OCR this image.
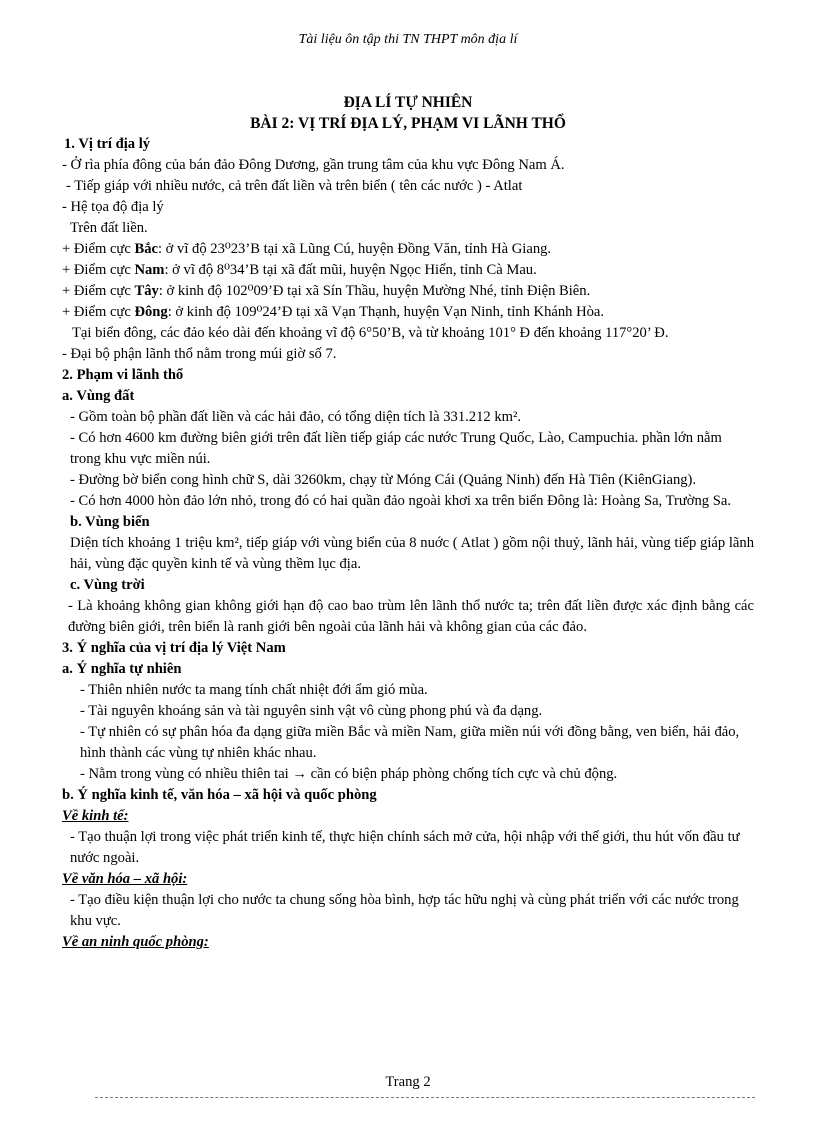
Tài liệu ôn tập thi TN THPT môn địa lí
ĐỊA LÍ TỰ NHIÊN
BÀI 2: VỊ TRÍ ĐỊA LÝ, PHẠM VI LÃNH THỔ

1. Vị trí địa lý

- Ở rìa phía đông của bán đảo Đông Dương, gần trung tâm của khu vực Đông Nam Á.

- Tiếp giáp với nhiều nước, cả trên đất liền và trên biển ( tên các nước ) - Atlat

- Hệ tọa độ địa lý

Trên đất liền.

+ Điểm cực Bắc: ở vĩ độ 23⁰23’B tại xã Lũng Cú, huyện Đồng Văn, tỉnh Hà Giang.

+ Điểm cực Nam: ở vĩ độ 8⁰34’B tại xã đất mũi, huyện Ngọc Hiển, tỉnh Cà Mau.

+ Điểm cực Tây: ở kinh độ 102⁰09’Đ tại xã Sín Thầu, huyện Mường Nhé, tỉnh Điện Biên.

+ Điểm cực Đông: ở kinh độ 109⁰24’Đ tại xã Vạn Thạnh, huyện Vạn Ninh, tỉnh Khánh Hòa.

Tại biển đông, các đảo kéo dài đến khoảng vĩ độ 6°50’B, và từ khoảng 101° Đ đến khoảng 117°20’ Đ.

- Đại bộ phận lãnh thổ nằm trong múi giờ số 7.

2. Phạm vi lãnh thổ

a. Vùng đất

- Gồm toàn bộ phần đất liền và các hải đảo, có tổng diện tích là 331.212 km².

- Có hơn 4600 km đường biên giới trên đất liền tiếp giáp các nước Trung Quốc, Lào, Campuchia. phần lớn nằm trong khu vực miền núi.

- Đường bờ biển cong hình chữ S, dài 3260km, chạy từ Móng Cái (Quảng Ninh) đến Hà Tiên (KiênGiang).

- Có hơn 4000 hòn đảo lớn nhỏ, trong đó có hai quần đảo ngoài khơi xa trên biển Đông là: Hoàng Sa, Trường Sa.

b. Vùng biển

Diện tích khoảng 1 triệu km², tiếp giáp với vùng biển của 8 nuớc ( Atlat ) gồm nội thuỷ, lãnh hải, vùng tiếp giáp lãnh hải, vùng đặc quyền kinh tế và vùng thềm lục địa.

c. Vùng trời

- Là khoảng không gian không giới hạn độ cao bao trùm lên lãnh thổ nước ta; trên đất liền được xác định bằng các đường biên giới, trên biển là ranh giới bên ngoài của lãnh hải và không gian của các đảo.

3. Ý nghĩa của vị trí địa lý Việt Nam

a. Ý nghĩa tự nhiên

- Thiên nhiên nước ta mang tính chất nhiệt đới ẩm gió mùa.

- Tài nguyên khoáng sản và tài nguyên sinh vật vô cùng phong phú và đa dạng.

- Tự nhiên có sự phân hóa đa dạng giữa miền Bắc và miền Nam, giữa miền núi với đồng bằng, ven biển, hải đảo, hình thành các vùng tự nhiên khác nhau.

- Nằm trong vùng có nhiều thiên tai → cần có biện pháp phòng chống tích cực và chủ động.

b. Ý nghĩa kinh tế, văn hóa – xã hội và quốc phòng

Về kinh tế:

- Tạo thuận lợi trong việc phát triển kinh tế, thực hiện chính sách mở cửa, hội nhập với thế giới, thu hút vốn đầu tư nước ngoài.

Về văn hóa – xã hội:

- Tạo điều kiện thuận lợi cho nước ta chung sống hòa bình, hợp tác hữu nghị và cùng phát triển với các nước trong khu vực.

Về an ninh quốc phòng:

Trang 2
